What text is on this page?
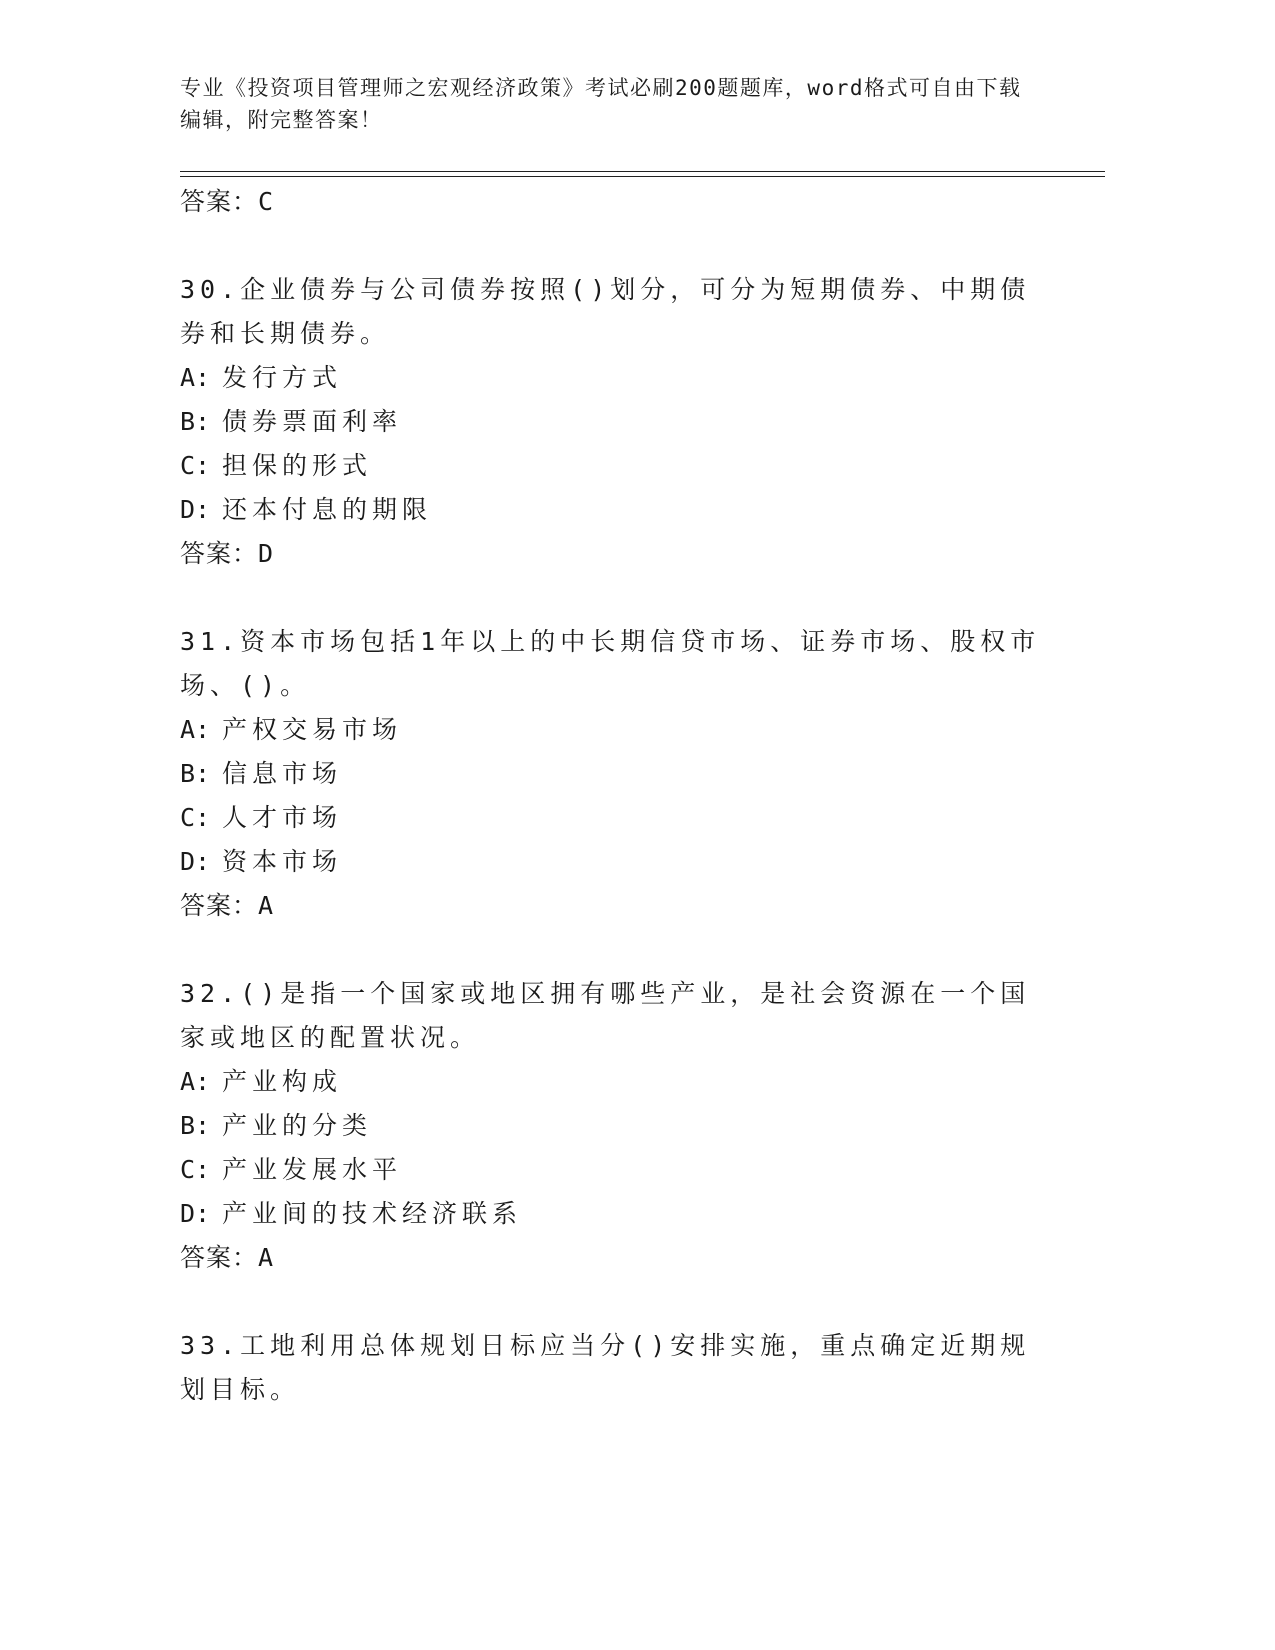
专业《投资项目管理师之宏观经济政策》考试必刷200题题库，word格式可自由下载编辑，附完整答案！
答案：C
30.企业债券与公司债券按照()划分，可分为短期债券、中期债券和长期债券。
A: 发行方式
B: 债券票面利率
C: 担保的形式
D: 还本付息的期限
答案：D
31.资本市场包括1年以上的中长期信贷市场、证券市场、股权市场、()。
A: 产权交易市场
B: 信息市场
C: 人才市场
D: 资本市场
答案：A
32.()是指一个国家或地区拥有哪些产业，是社会资源在一个国家或地区的配置状况。
A: 产业构成
B: 产业的分类
C: 产业发展水平
D: 产业间的技术经济联系
答案：A
33.工地利用总体规划日标应当分()安排实施，重点确定近期规划目标。
